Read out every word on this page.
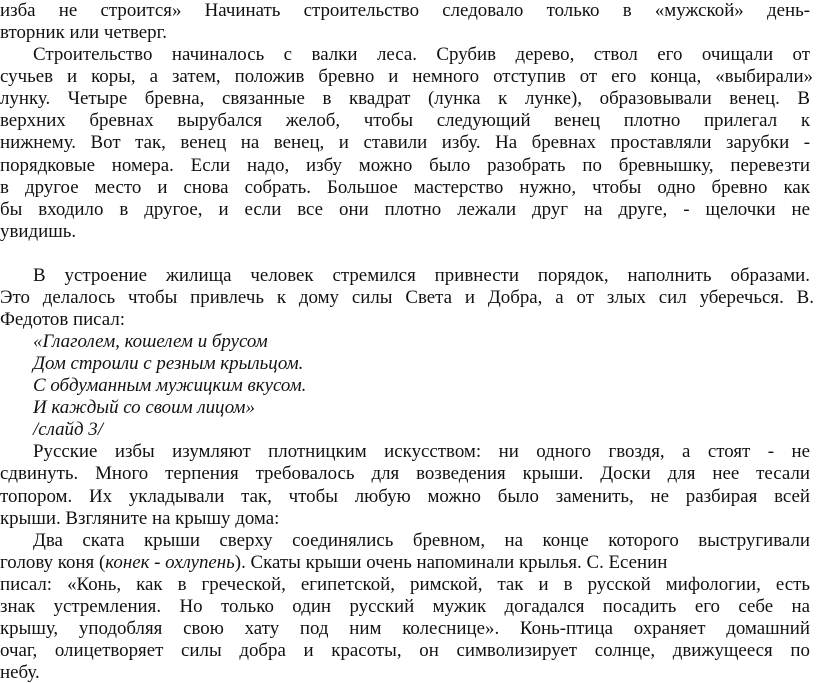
изба не строится» Начинать строительство следовало только в «мужской» день-
вторник или четверг.
Строительство начиналось с валки леса. Срубив дерево, ствол его очищали от
сучьев и коры, а затем, положив бревно и немного отступив от его конца, «выбирали»
лунку. Четыре бревна, связанные в квадрат (лунка к лунке), образовывали венец. В
верхних бревнах вырубался желоб, чтобы следующий венец плотно прилегал к
нижнему. Вот так, венец на венец, и ставили избу. На бревнах проставляли зарубки -
порядковые номера. Если надо, избу можно было разобрать по бревнышку, перевезти
в другое место и снова собрать. Большое мастерство нужно, чтобы одно бревно как
бы входило в другое, и если все они плотно лежали друг на друге, - щелочки не
увидишь.
В устроение жилища человек стремился привнести порядок, наполнить образами.
Это делалось чтобы привлечь к дому силы Света и Добра, а от злых сил уберечься. В.
Федотов писал:
«Глаголем, кошелем и брусом
Дом строили с резным крыльцом.
С обдуманным мужицким вкусом.
И каждый со своим лицом»
/слайд 3/
Русские избы изумляют плотницким искусством: ни одного гвоздя, а стоят - не
сдвинуть. Много терпения требовалось для возведения крыши. Доски для нее тесали
топором. Их укладывали так, чтобы любую можно было заменить, не разбирая всей
крыши. Взгляните на крышу дома:
Два ската крыши сверху соединялись бревном, на конце которого выстругивали
голову коня (конек - охлупень). Скаты крыши очень напоминали крылья. С. Есенин
писал: «Конь, как в греческой, египетской, римской, так и в русской мифологии, есть
знак устремления. Но только один русский мужик догадался посадить его себе на
крышу, уподобляя свою хату под ним колеснице». Конь-птица охраняет домашний
очаг, олицетворяет силы добра и красоты, он символизирует солнце, движущееся по
небу.
